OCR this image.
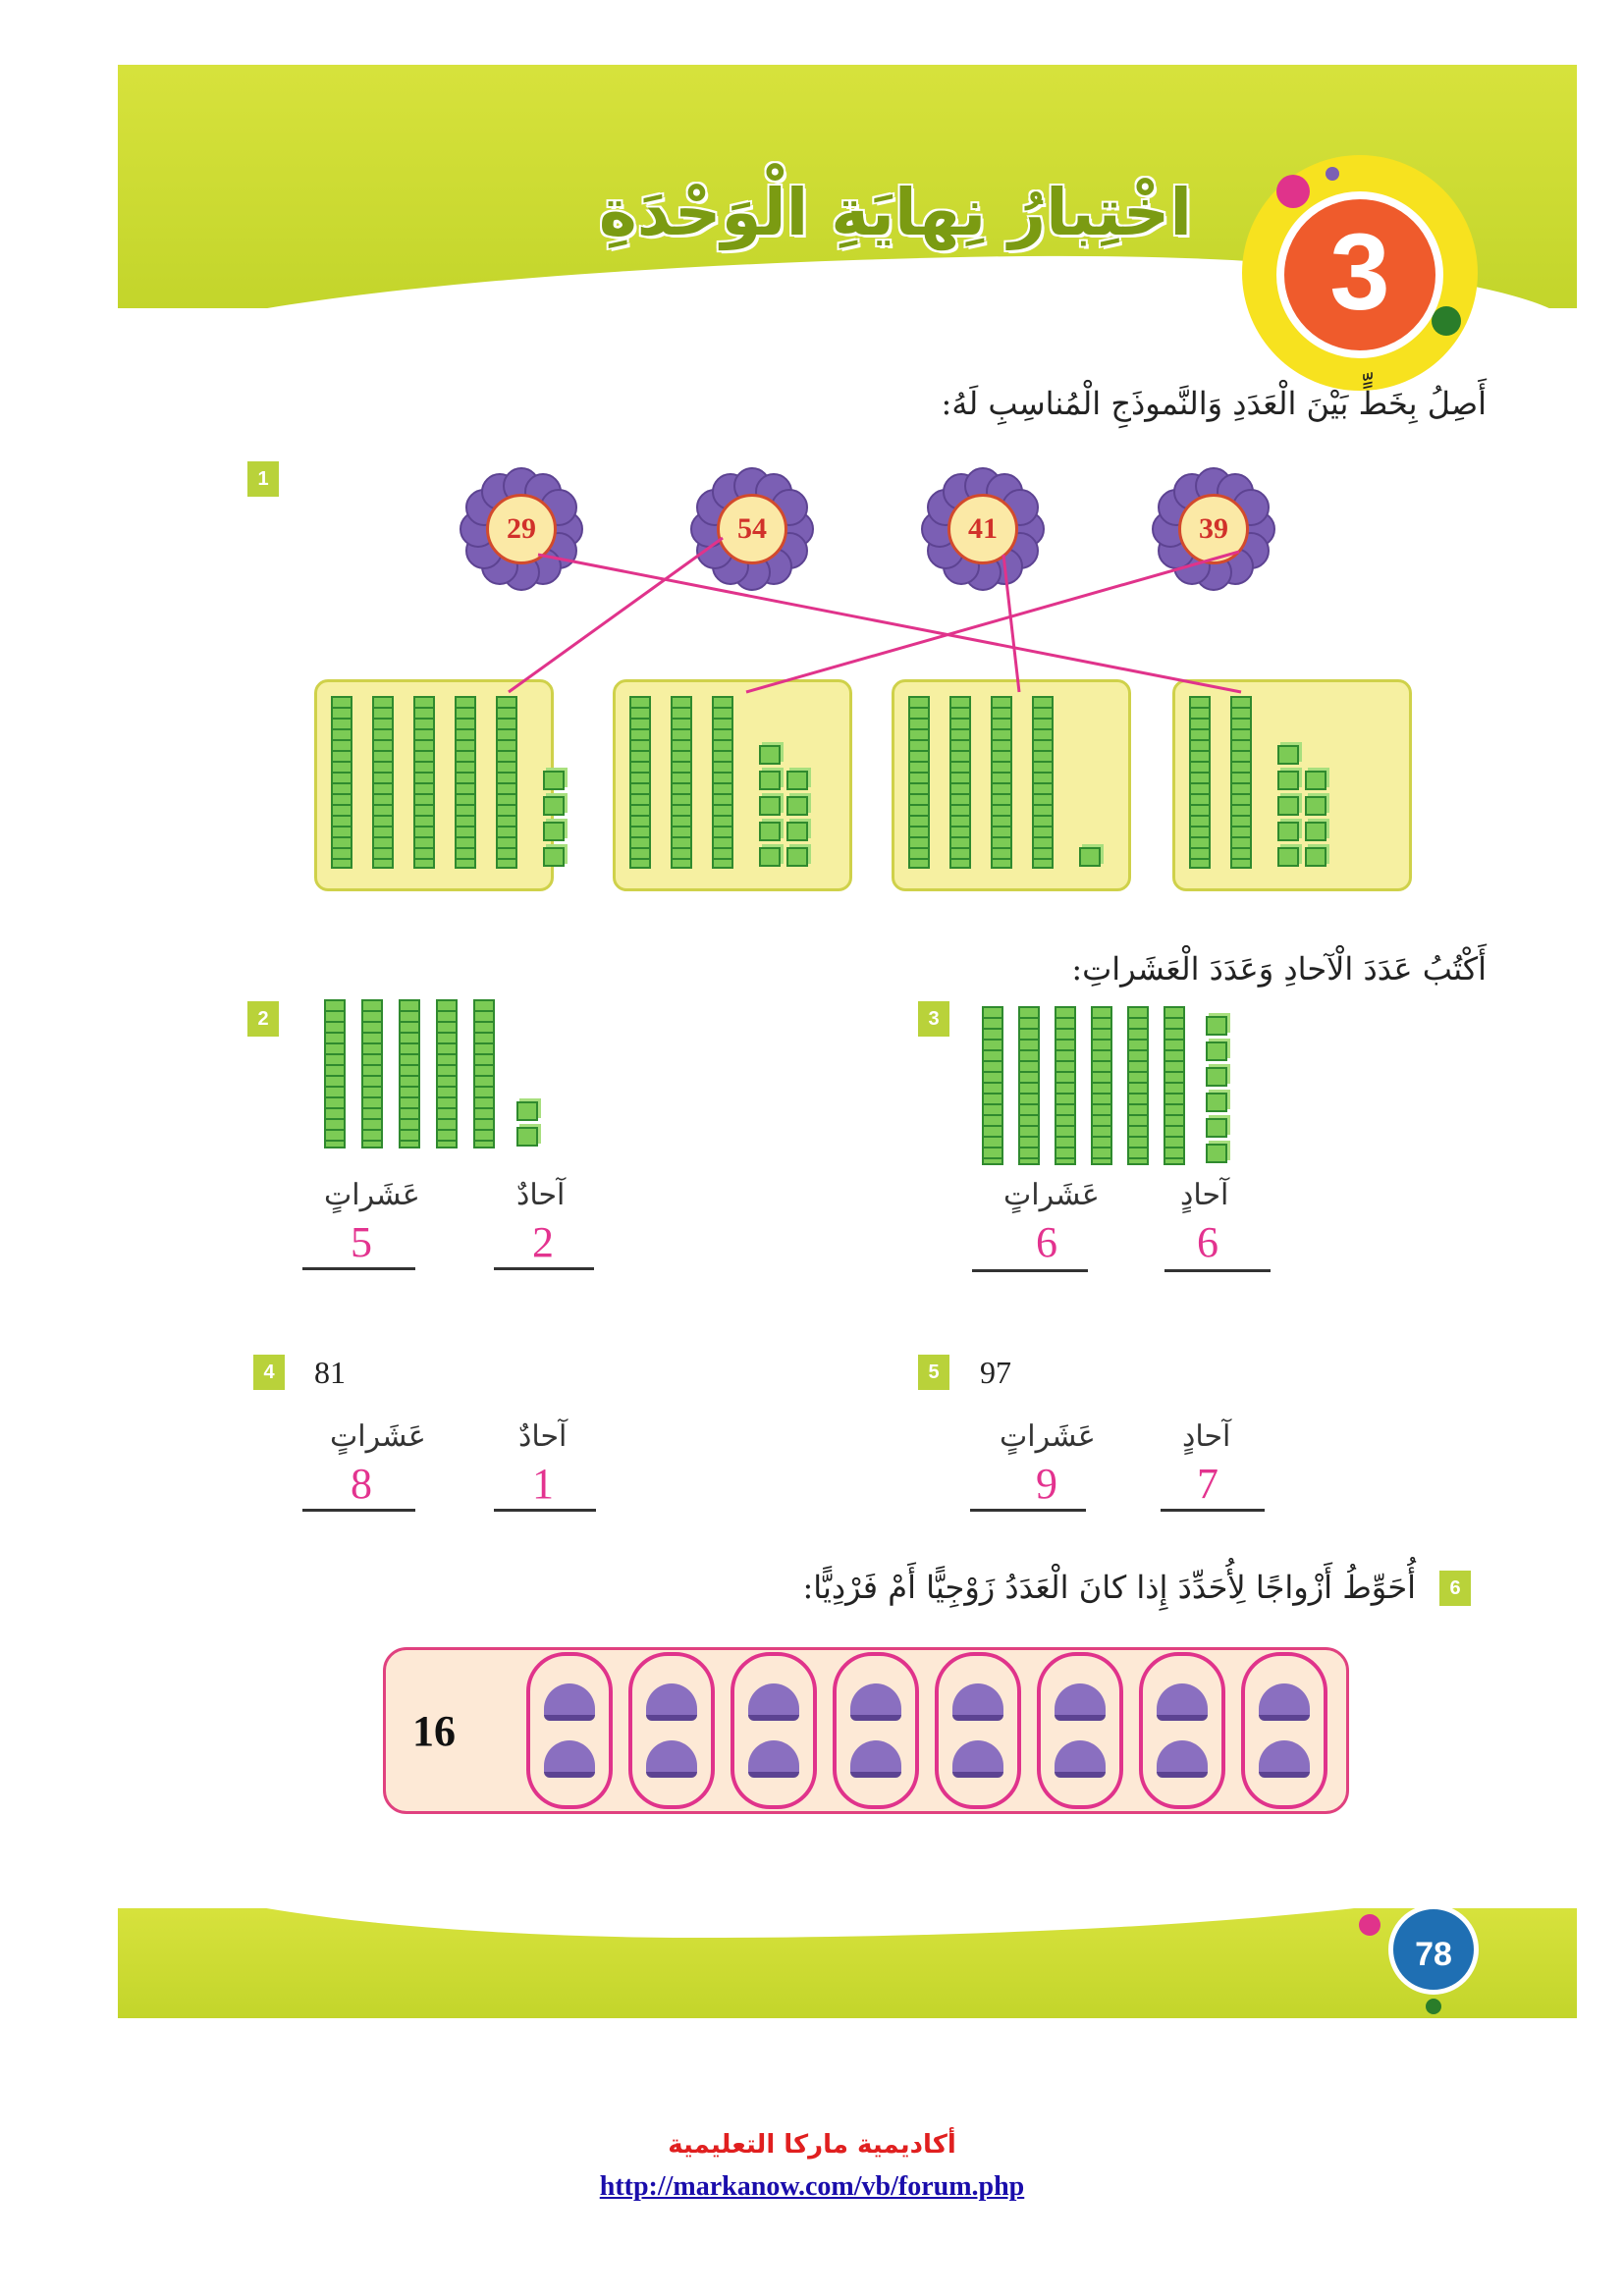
اخْتِبارُ نِهايَةِ الْوَحْدَةِ	3
أَصِلُ بِخَطٍّ بَيْنَ الْعَدَدِ وَالنَّموذَجِ الْمُناسِبِ لَهُ:
1
29	54	41	39
أَكْتُبُ عَدَدَ الْآحادِ وَعَدَدَ الْعَشَراتِ:
2
عَشَراتٍ	آحادٌ
5	2
3
عَشَراتٍ	آحادٍ
6	6
4	81
عَشَراتٍ	آحادٌ
8	1
5	97
عَشَراتٍ	آحادٍ
9	7
6
أُحَوِّطُ أَزْواجًا لِأُحَدِّدَ إِذا كانَ الْعَدَدُ زَوْجِيًّا أَمْ فَرْدِيًّا:
16
78
أكاديمية ماركا التعليمية
http://markanow.com/vb/forum.php
